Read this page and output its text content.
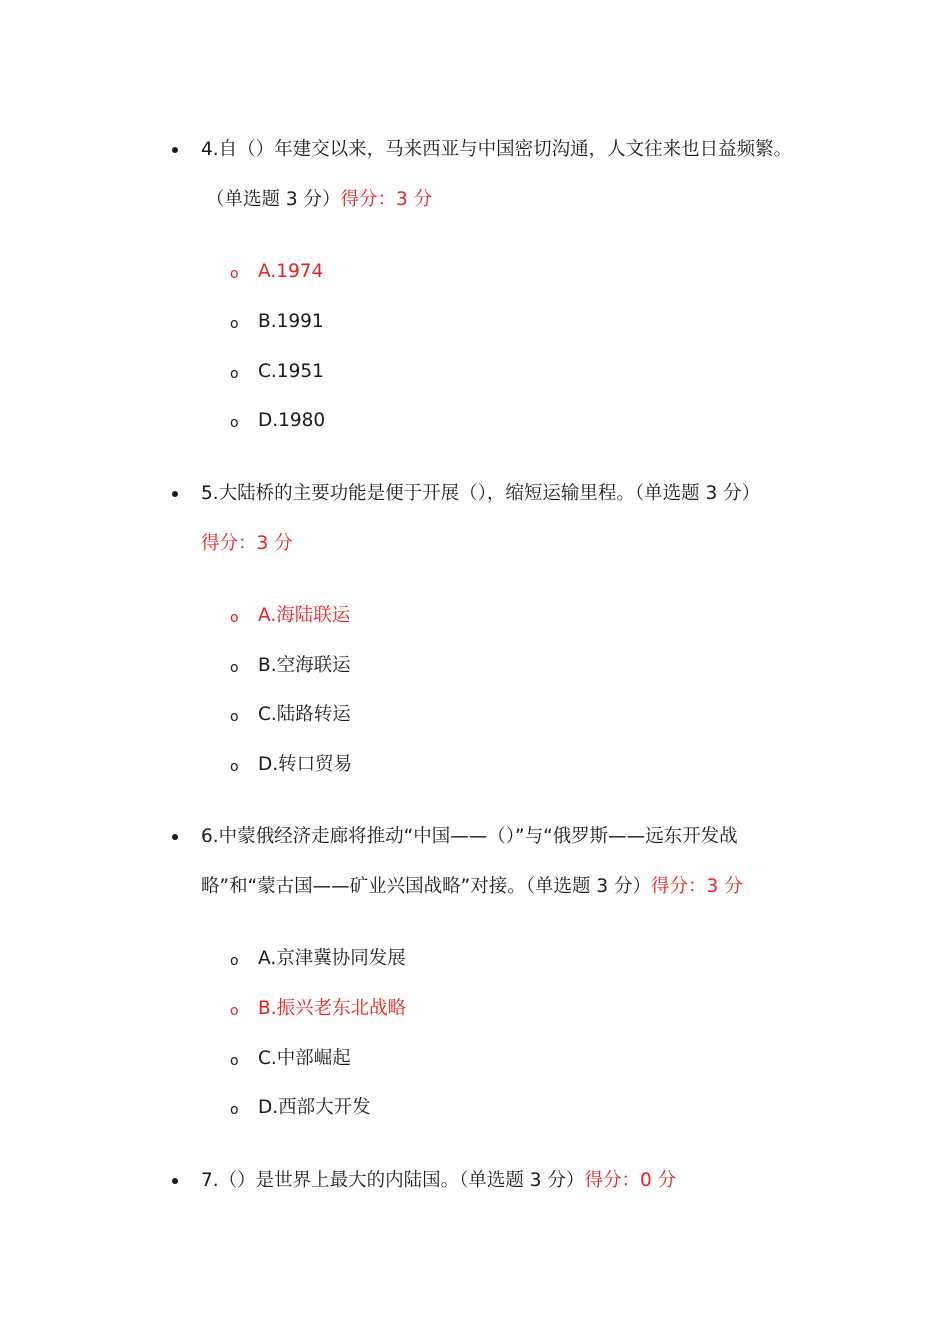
4.自（）年建交以来，马来西亚与中国密切沟通，人文往来也日益频繁。
（单选题 3 分）得分：3 分
o A.1974
o B.1991
o C.1951
o D.1980
5.大陆桥的主要功能是便于开展（），缩短运输里程。（单选题 3 分）
得分：3 分
o A.海陆联运
o B.空海联运
o C.陆路转运
o D.转口贸易
6.中蒙俄经济走廊将推动“中国——（）”与“俄罗斯——远东开发战
略”和“蒙古国——矿业兴国战略”对接。（单选题 3 分）得分：3 分
o A.京津冀协同发展
o B.振兴老东北战略
o C.中部崛起
o D.西部大开发
7.（）是世界上最大的内陆国。（单选题 3 分）得分：0 分
